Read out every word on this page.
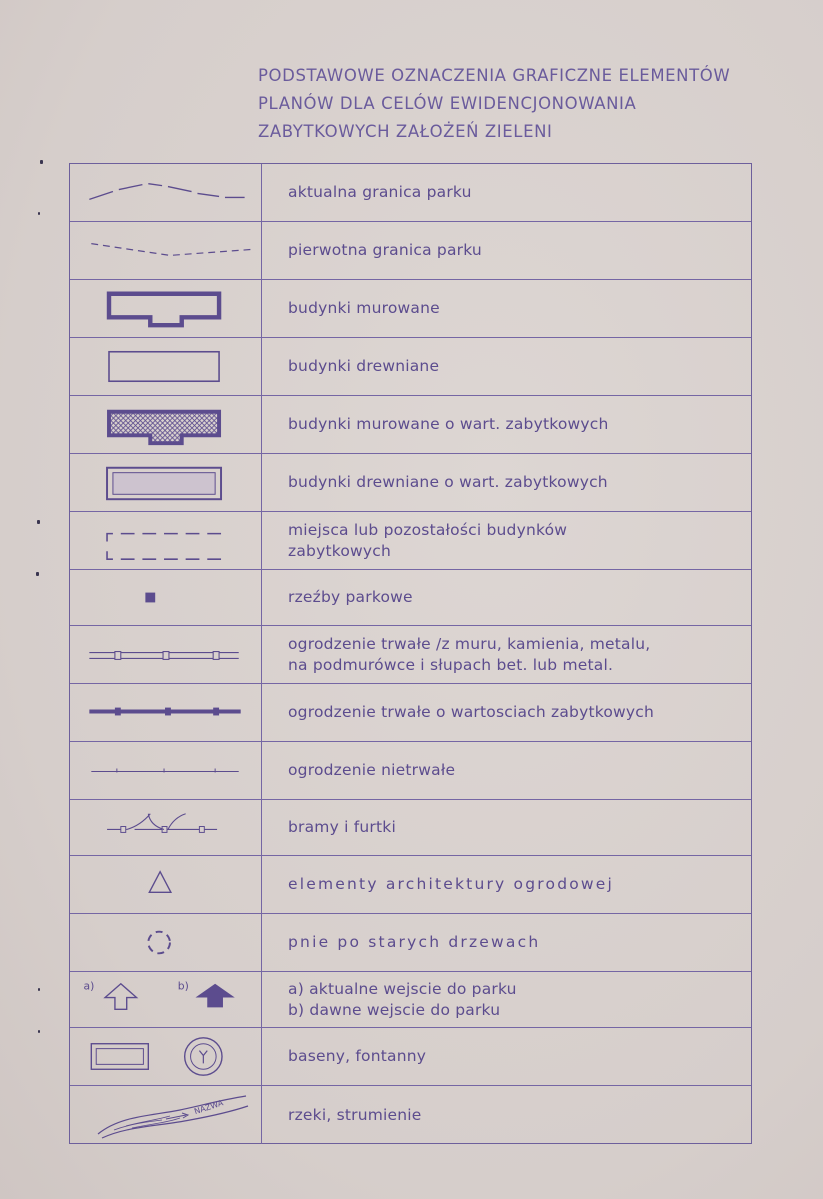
PODSTAWOWE OZNACZENIA GRAFICZNE ELEMENTÓW
PLANÓW DLA CELÓW EWIDENCJONOWANIA
ZABYTKOWYCH ZAŁOŻEŃ ZIELENI
aktualna granica parku
pierwotna granica parku
budynki murowane
budynki drewniane
budynki murowane o wart. zabytkowych
budynki drewniane o wart. zabytkowych
miejsca lub pozostałości budynków
zabytkowych
rzeźby parkowe
ogrodzenie trwałe /z muru, kamienia, metalu,
na podmurówce i słupach bet. lub metal.
ogrodzenie trwałe o wartosciach zabytkowych
ogrodzenie nietrwałe
bramy i furtki
elementy architektury ogrodowej
pnie po starych drzewach
a)	b)	a) aktualne wejscie do parku
b) dawne wejscie do parku
baseny, fontanny
NAZWA	rzeki, strumienie
